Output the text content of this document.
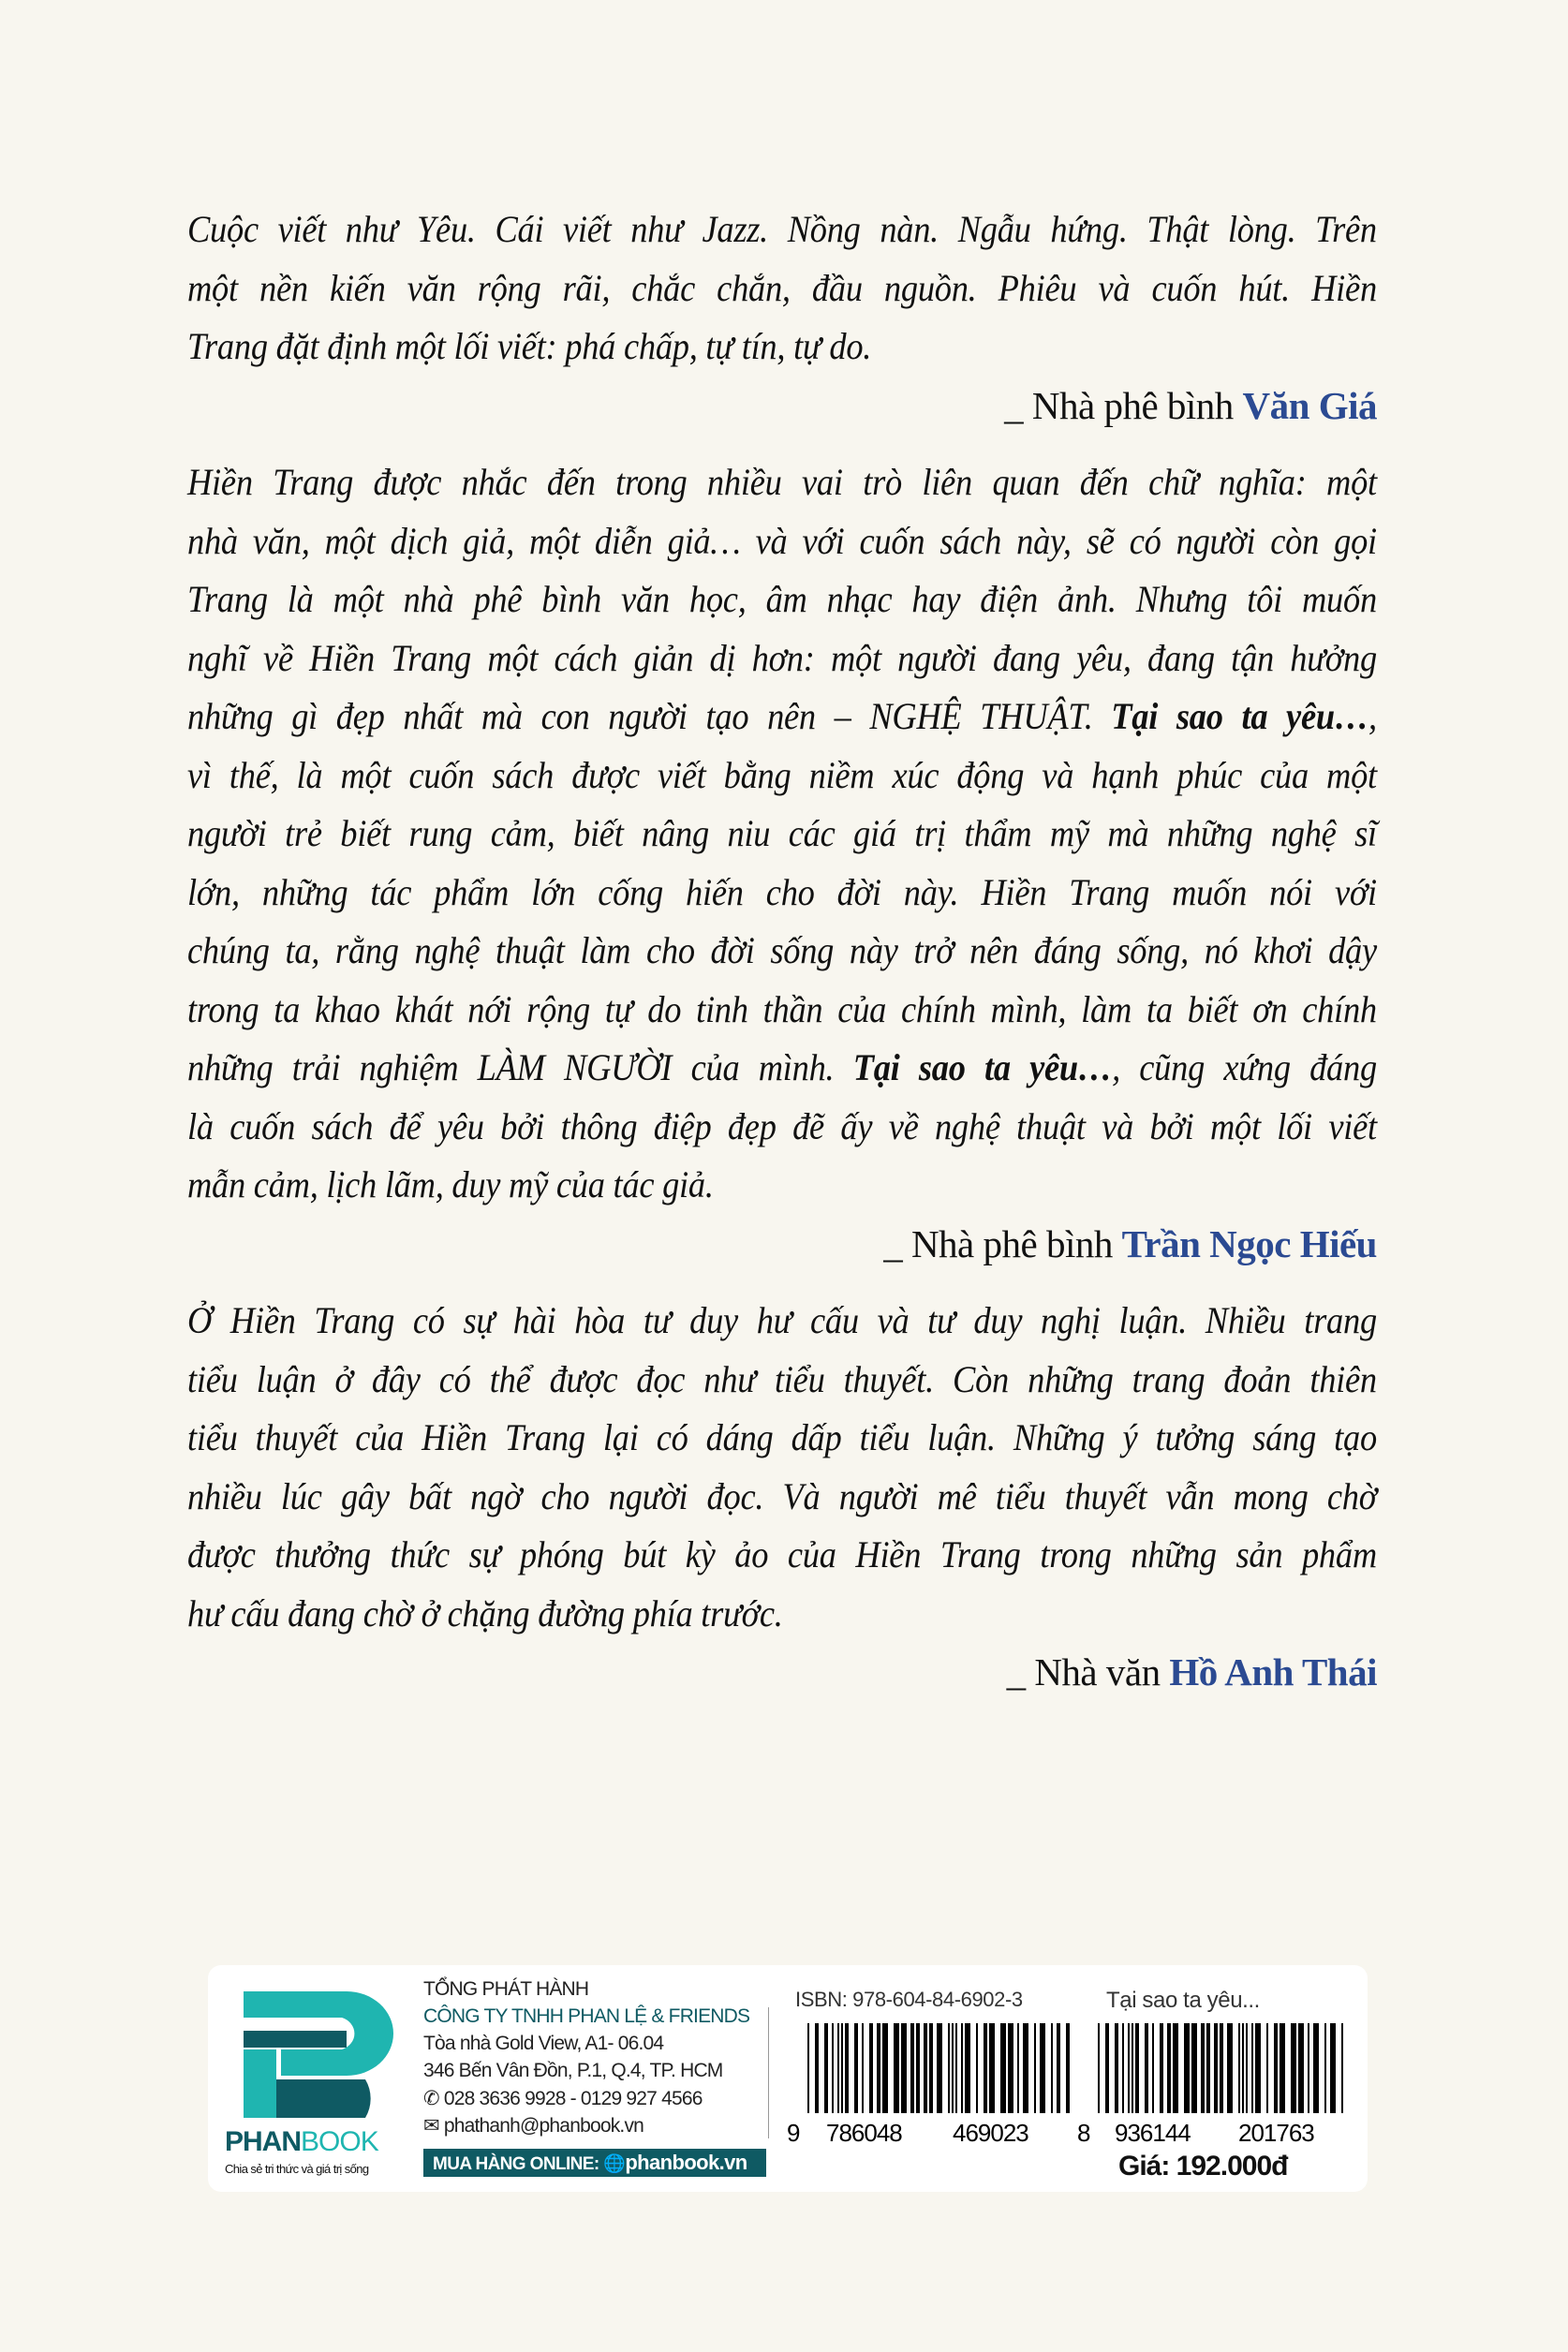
Cuộc viết như Yêu. Cái viết như Jazz. Nồng nàn. Ngẫu hứng. Thật lòng. Trên
một nền kiến văn rộng rãi, chắc chắn, đầu nguồn. Phiêu và cuốn hút. Hiền
Trang đặt định một lối viết: phá chấp, tự tín, tự do.
_ Nhà phê bình Văn Giá
Hiền Trang được nhắc đến trong nhiều vai trò liên quan đến chữ nghĩa: một
nhà văn, một dịch giả, một diễn giả… và với cuốn sách này, sẽ có người còn gọi
Trang là một nhà phê bình văn học, âm nhạc hay điện ảnh. Nhưng tôi muốn
nghĩ về Hiền Trang một cách giản dị hơn: một người đang yêu, đang tận hưởng
những gì đẹp nhất mà con người tạo nên – NGHỆ THUẬT. Tại sao ta yêu…,
vì thế, là một cuốn sách được viết bằng niềm xúc động và hạnh phúc của một
người trẻ biết rung cảm, biết nâng niu các giá trị thẩm mỹ mà những nghệ sĩ
lớn, những tác phẩm lớn cống hiến cho đời này. Hiền Trang muốn nói với
chúng ta, rằng nghệ thuật làm cho đời sống này trở nên đáng sống, nó khơi dậy
trong ta khao khát nới rộng tự do tinh thần của chính mình, làm ta biết ơn chính
những trải nghiệm LÀM NGƯỜI của mình. Tại sao ta yêu…, cũng xứng đáng
là cuốn sách để yêu bởi thông điệp đẹp đẽ ấy về nghệ thuật và bởi một lối viết
mẫn cảm, lịch lãm, duy mỹ của tác giả.
_ Nhà phê bình Trần Ngọc Hiếu
Ở Hiền Trang có sự hài hòa tư duy hư cấu và tư duy nghị luận. Nhiều trang
tiểu luận ở đây có thể được đọc như tiểu thuyết. Còn những trang đoản thiên
tiểu thuyết của Hiền Trang lại có dáng dấp tiểu luận. Những ý tưởng sáng tạo
nhiều lúc gây bất ngờ cho người đọc. Và người mê tiểu thuyết vẫn mong chờ
được thưởng thức sự phóng bút kỳ ảo của Hiền Trang trong những sản phẩm
hư cấu đang chờ ở chặng đường phía trước.
_ Nhà văn Hồ Anh Thái
PHANBOOK
Chia sẻ tri thức và giá trị sống
TỔNG PHÁT HÀNH
CÔNG TY TNHH PHAN LỆ & FRIENDS
Tòa nhà Gold View, A1- 06.04
346 Bến Vân Đồn, P.1, Q.4, TP. HCM
✆ 028 3636 9928 - 0129 927 4566
✉ phathanh@phanbook.vn
MUA HÀNG ONLINE: 🌐phanbook.vn
ISBN: 978-604-84-6902-3	Tại sao ta yêu...
9 786048 469023 8 936144 201763
Giá: 192.000đ
